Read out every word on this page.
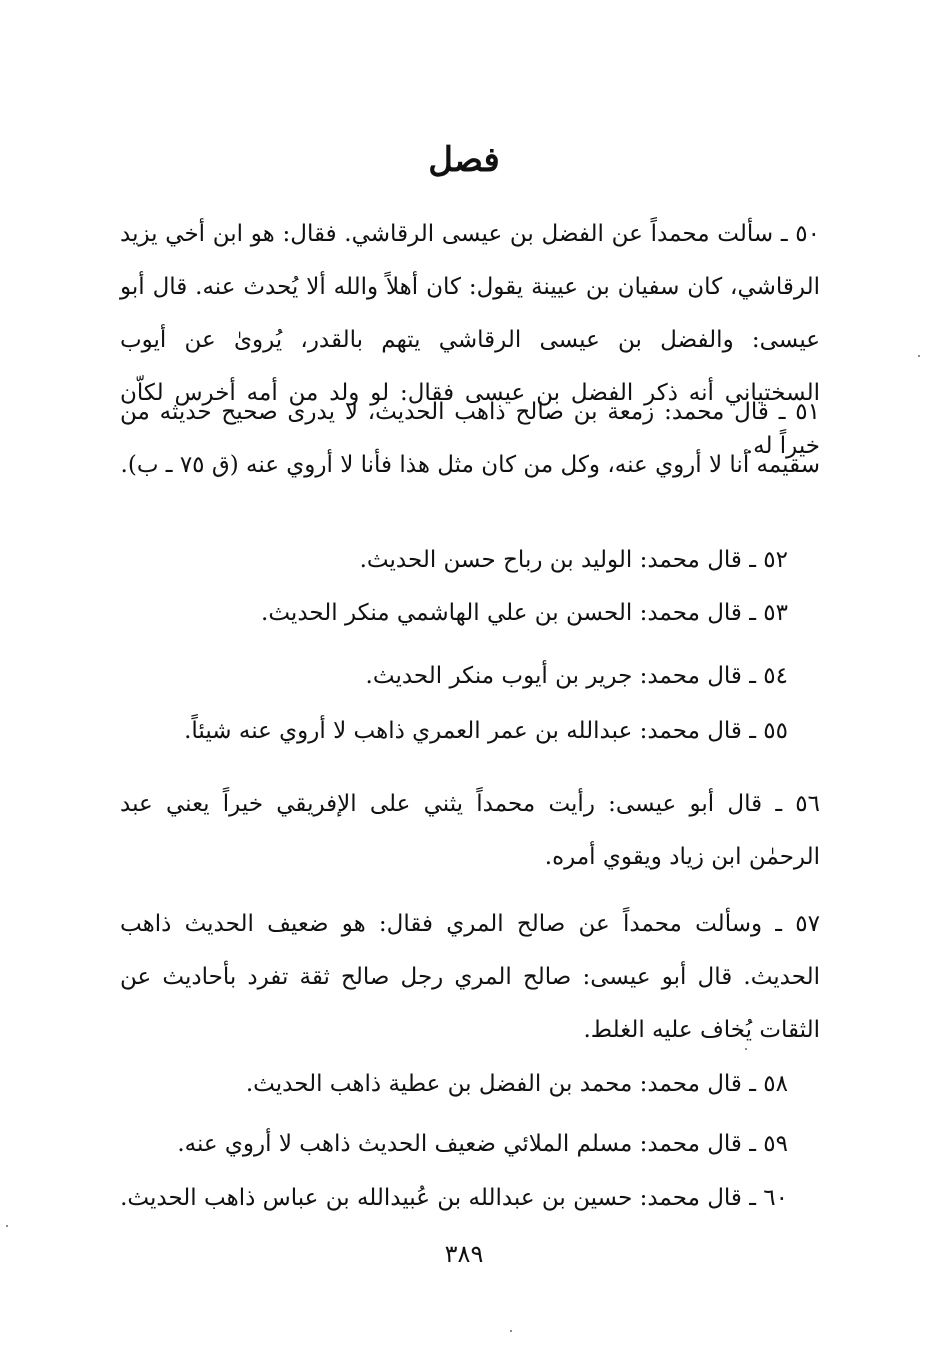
فصل

٥٠ ـ سألت محمداً عن الفضل بن عيسى الرقاشي. فقال: هو ابن أخي يزيد الرقاشي، كان سفيان بن عيينة يقول: كان أهلاً والله ألا يُحدث عنه. قال أبو عيسى: والفضل بن عيسى الرقاشي يتهم بالقدر، يُروىٰ عن أيوب السختياني أنه ذكر الفضل بن عيسى فقال: لو ولد من أمه أخرس لكاّن خيراً له.

٥١ ـ قال محمد: زمعة بن صالح ذاهب الحديث، لا يدرى صحيح حديثه من سقيمه أنا لا أروي عنه، وكل من كان مثل هذا فأنا لا أروي عنه (ق ٧٥ ـ ب).

٥٢ ـ قال محمد: الوليد بن رباح حسن الحديث.
٥٣ ـ قال محمد: الحسن بن علي الهاشمي منكر الحديث.
٥٤ ـ قال محمد: جرير بن أيوب منكر الحديث.
٥٥ ـ قال محمد: عبدالله بن عمر العمري ذاهب لا أروي عنه شيئاً.

٥٦ ـ قال أبو عيسى: رأيت محمداً يثني على الإفريقي خيراً يعني عبد الرحمٰن ابن زياد ويقوي أمره.

٥٧ ـ وسألت محمداً عن صالح المري فقال: هو ضعيف الحديث ذاهب الحديث. قال أبو عيسى: صالح المري رجل صالح ثقة تفرد بأحاديث عن الثقات يُخاف عليه الغلط.

٥٨ ـ قال محمد: محمد بن الفضل بن عطية ذاهب الحديث.
٥٩ ـ قال محمد: مسلم الملائي ضعيف الحديث ذاهب لا أروي عنه.
٦٠ ـ قال محمد: حسين بن عبدالله بن عُبيدالله بن عباس ذاهب الحديث.
٣٨٩
